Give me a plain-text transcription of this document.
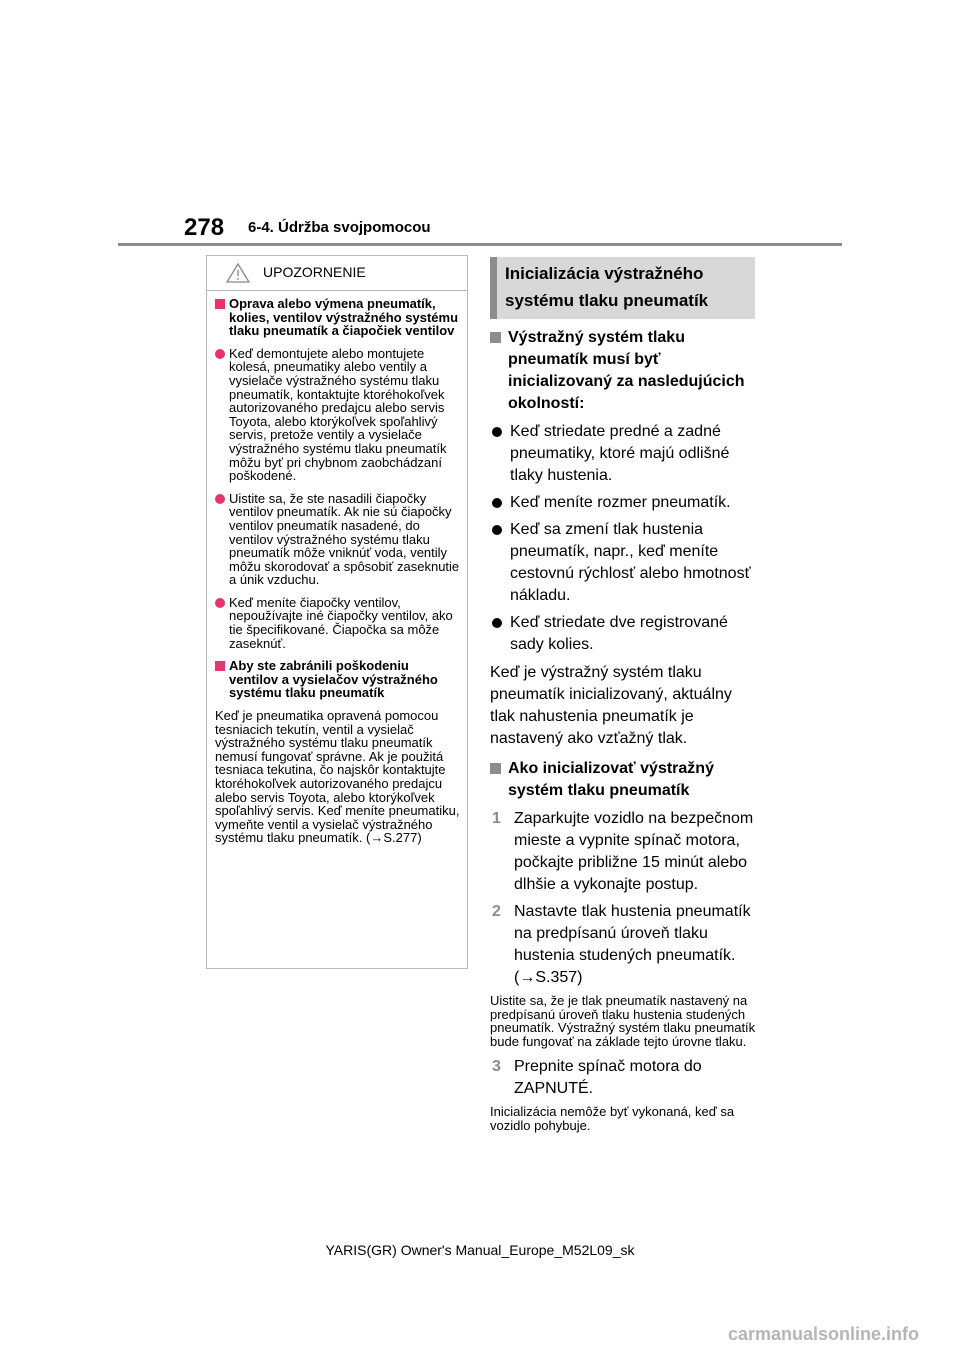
278 6-4. Údržba svojpomocou
UPOZORNENIE
Oprava alebo výmena pneumatík, kolies, ventilov výstražného systému tlaku pneumatík a čiapočiek ventilov
Keď demontujete alebo montujete kolesá, pneumatiky alebo ventily a vysielače výstražného systému tlaku pneumatík, kontaktujte ktoréhokoľvek autorizovaného predajcu alebo servis Toyota, alebo ktorýkoľvek spoľahlivý servis, pretože ventily a vysielače výstražného systému tlaku pneumatík môžu byť pri chybnom zaobchádzaní poškodené.
Uistite sa, že ste nasadili čiapočky ventilov pneumatík. Ak nie sú čiapočky ventilov pneumatík nasadené, do ventilov výstražného systému tlaku pneumatík môže vniknúť voda, ventily môžu skorodovať a spôsobiť zaseknutie a únik vzduchu.
Keď meníte čiapočky ventilov, nepoužívajte iné čiapočky ventilov, ako tie špecifikované. Čiapočka sa môže zaseknúť.
Aby ste zabránili poškodeniu ventilov a vysielačov výstražného systému tlaku pneumatík
Keď je pneumatika opravená pomocou tesniacich tekutín, ventil a vysielač výstražného systému tlaku pneumatík nemusí fungovať správne. Ak je použitá tesniaca tekutina, čo najskôr kontaktujte ktoréhokoľvek autorizovaného predajcu alebo servis Toyota, alebo ktorýkoľvek spoľahlivý servis. Keď meníte pneumatiku, vymeňte ventil a vysielač výstražného systému tlaku pneumatík. (→S.277)
Inicializácia výstražného systému tlaku pneumatík
Výstražný systém tlaku pneumatík musí byť inicializovaný za nasledujúcich okolností:
Keď striedate predné a zadné pneumatiky, ktoré majú odlišné tlaky hustenia.
Keď meníte rozmer pneumatík.
Keď sa zmení tlak hustenia pneumatík, napr., keď meníte cestovnú rýchlosť alebo hmotnosť nákladu.
Keď striedate dve registrované sady kolies.
Keď je výstražný systém tlaku pneumatík inicializovaný, aktuálny tlak nahustenia pneumatík je nastavený ako vzťažný tlak.
Ako inicializovať výstražný systém tlaku pneumatík
1 Zaparkujte vozidlo na bezpečnom mieste a vypnite spínač motora, počkajte približne 15 minút alebo dlhšie a vykonajte postup.
2 Nastavte tlak hustenia pneumatík na predpísanú úroveň tlaku hustenia studených pneumatík. (→S.357)
Uistite sa, že je tlak pneumatík nastavený na predpísanú úroveň tlaku hustenia studených pneumatík. Výstražný systém tlaku pneumatík bude fungovať na základe tejto úrovne tlaku.
3 Prepnite spínač motora do ZAPNUTÉ.
Inicializácia nemôže byť vykonaná, keď sa vozidlo pohybuje.
YARIS(GR) Owner's Manual_Europe_M52L09_sk
carmanualsonline.info
